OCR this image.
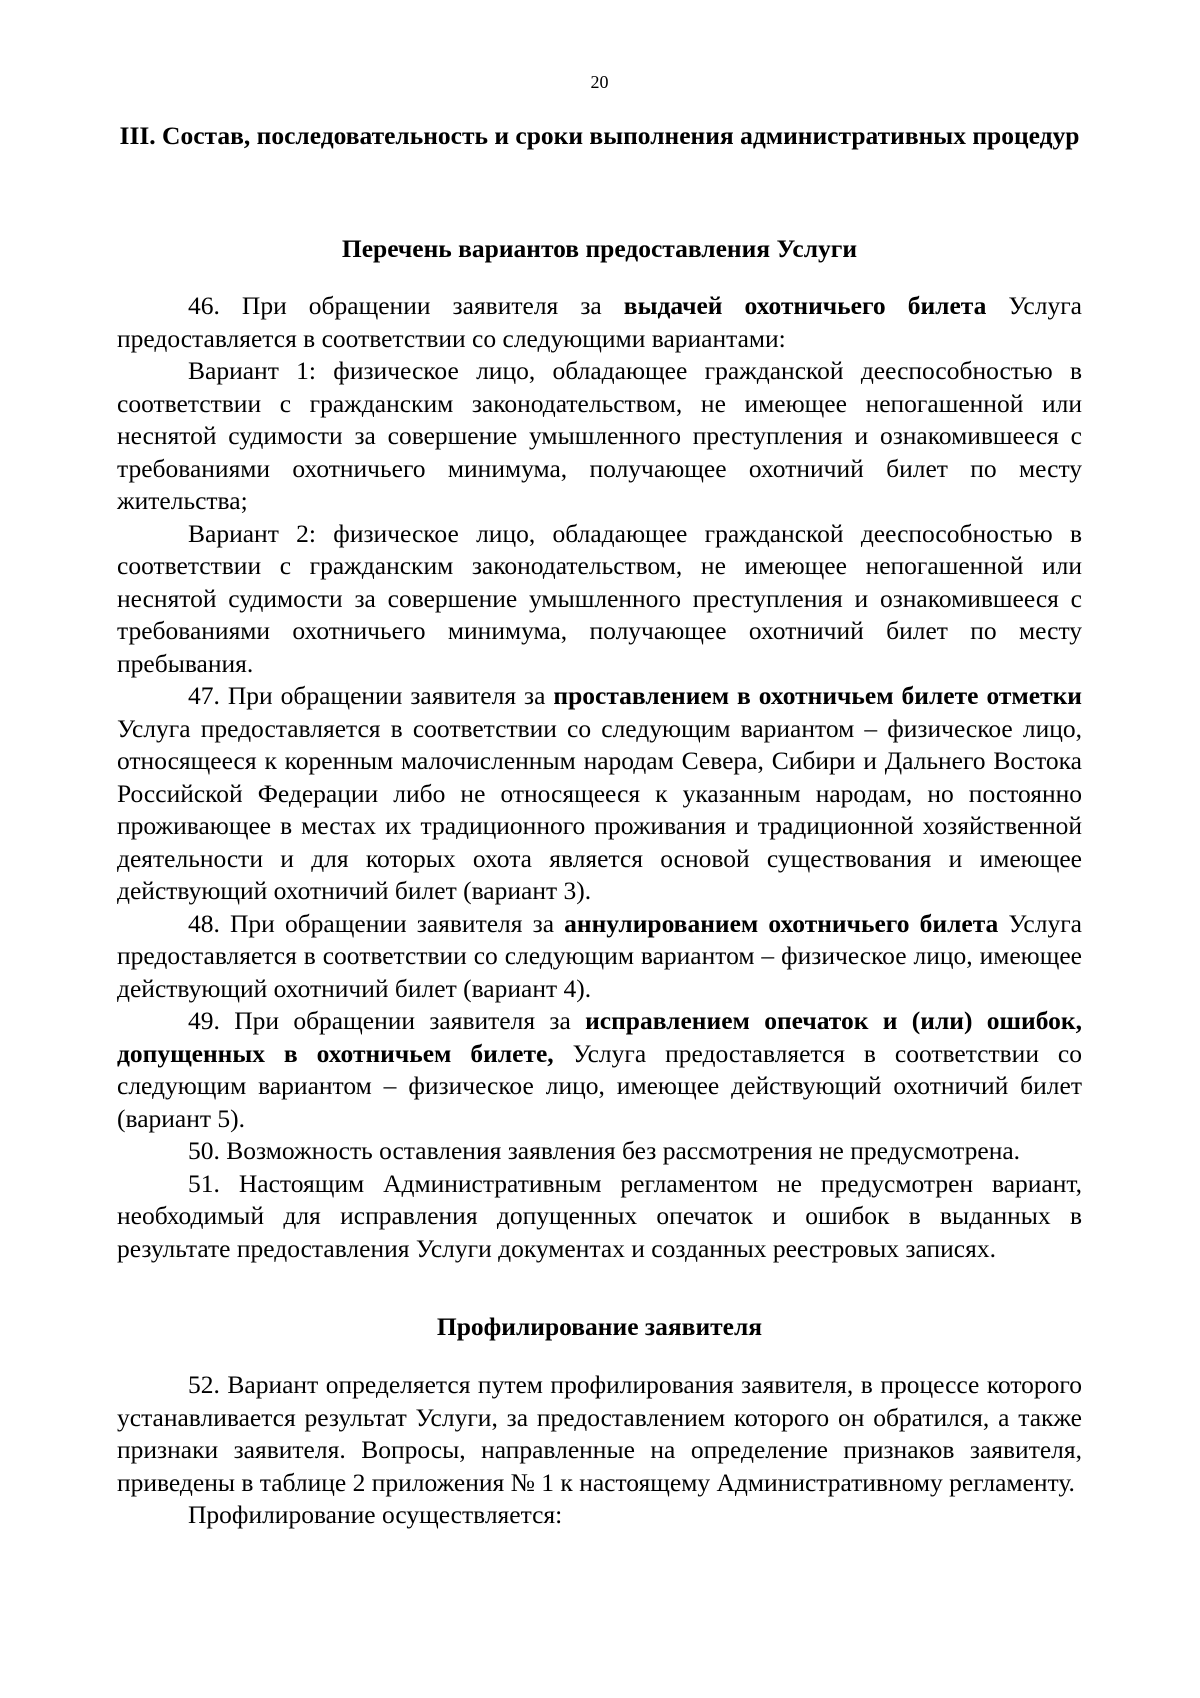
20
III. Состав, последовательность и сроки выполнения административных процедур
Перечень вариантов предоставления Услуги

46. При обращении заявителя за выдачей охотничьего билета Услуга предоставляется в соответствии со следующими вариантами:

Вариант 1: физическое лицо, обладающее гражданской дееспособностью в соответствии с гражданским законодательством, не имеющее непогашенной или неснятой судимости за совершение умышленного преступления и ознакомившееся с требованиями охотничьего минимума, получающее охотничий билет по месту жительства;

Вариант 2: физическое лицо, обладающее гражданской дееспособностью в соответствии с гражданским законодательством, не имеющее непогашенной или неснятой судимости за совершение умышленного преступления и ознакомившееся с требованиями охотничьего минимума, получающее охотничий билет по месту пребывания.

47. При обращении заявителя за проставлением в охотничьем билете отметки Услуга предоставляется в соответствии со следующим вариантом – физическое лицо, относящееся к коренным малочисленным народам Севера, Сибири и Дальнего Востока Российской Федерации либо не относящееся к указанным народам, но постоянно проживающее в местах их традиционного проживания и традиционной хозяйственной деятельности и для которых охота является основой существования и имеющее действующий охотничий билет (вариант 3).

48. При обращении заявителя за аннулированием охотничьего билета Услуга предоставляется в соответствии со следующим вариантом – физическое лицо, имеющее действующий охотничий билет (вариант 4).

49. При обращении заявителя за исправлением опечаток и (или) ошибок, допущенных в охотничьем билете, Услуга предоставляется в соответствии со следующим вариантом – физическое лицо, имеющее действующий охотничий билет (вариант 5).

50. Возможность оставления заявления без рассмотрения не предусмотрена.

51. Настоящим Административным регламентом не предусмотрен вариант, необходимый для исправления допущенных опечаток и ошибок в выданных в результате предоставления Услуги документах и созданных реестровых записях.

Профилирование заявителя

52. Вариант определяется путем профилирования заявителя, в процессе которого устанавливается результат Услуги, за предоставлением которого он обратился, а также признаки заявителя. Вопросы, направленные на определение признаков заявителя, приведены в таблице 2 приложения № 1 к настоящему Административному регламенту.

Профилирование осуществляется:
